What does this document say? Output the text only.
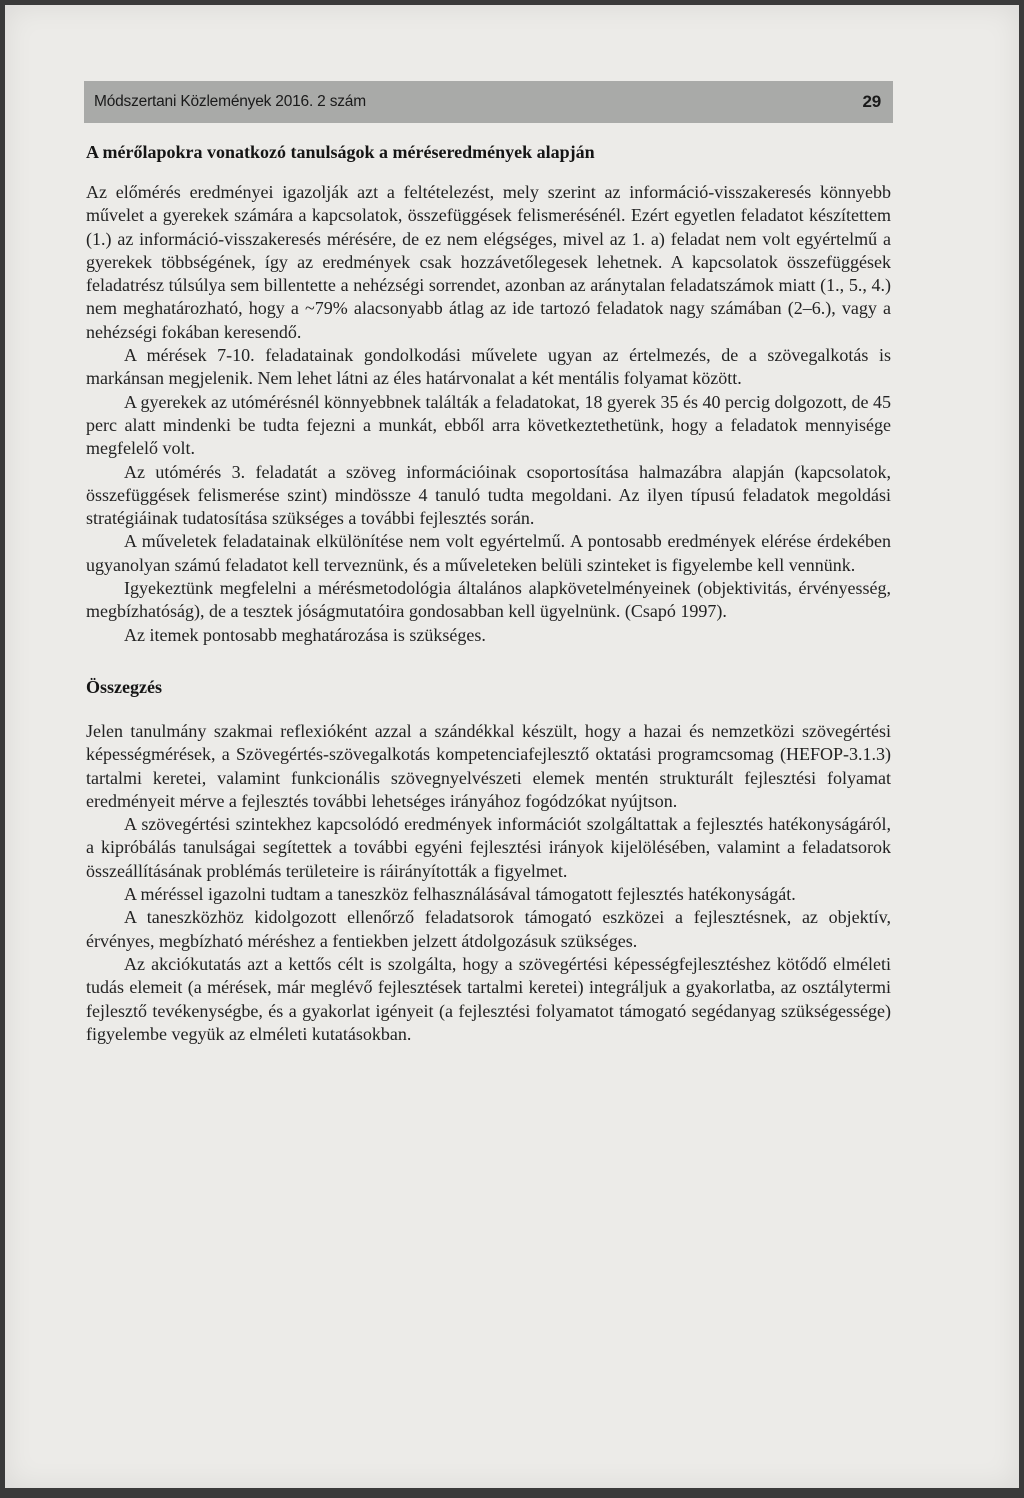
Módszertani Közlemények 2016. 2 szám	29
A mérőlapokra vonatkozó tanulságok a méréseredmények alapján

Az előmérés eredményei igazolják azt a feltételezést, mely szerint az információ-visszakeresés könnyebb művelet a gyerekek számára a kapcsolatok, összefüggések felismerésénél. Ezért egyetlen feladatot készítettem (1.) az információ-visszakeresés mérésére, de ez nem elégséges, mivel az 1. a) feladat nem volt egyértelmű a gyerekek többségének, így az eredmények csak hozzávetőlegesek lehetnek. A kapcsolatok összefüggések feladatrész túlsúlya sem billentette a nehézségi sorrendet, azonban az aránytalan feladatszámok miatt (1., 5., 4.) nem meghatározható, hogy a ~79% alacsonyabb átlag az ide tartozó feladatok nagy számában (2–6.), vagy a nehézségi fokában keresendő.

A mérések 7-10. feladatainak gondolkodási művelete ugyan az értelmezés, de a szövegalkotás is markánsan megjelenik. Nem lehet látni az éles határvonalat a két mentális folyamat között.

A gyerekek az utómérésnél könnyebbnek találták a feladatokat, 18 gyerek 35 és 40 percig dolgozott, de 45 perc alatt mindenki be tudta fejezni a munkát, ebből arra következtethetünk, hogy a feladatok mennyisége megfelelő volt.

Az utómérés 3. feladatát a szöveg információinak csoportosítása halmazábra alapján (kapcsolatok, összefüggések felismerése szint) mindössze 4 tanuló tudta megoldani. Az ilyen típusú feladatok megoldási stratégiáinak tudatosítása szükséges a további fejlesztés során.

A műveletek feladatainak elkülönítése nem volt egyértelmű. A pontosabb eredmények elérése érdekében ugyanolyan számú feladatot kell terveznünk, és a műveleteken belüli szinteket is figyelembe kell vennünk.

Igyekeztünk megfelelni a mérésmetodológia általános alapkövetelményeinek (objektivitás, érvényesség, megbízhatóság), de a tesztek jóságmutatóira gondosabban kell ügyelnünk. (Csapó 1997).

Az itemek pontosabb meghatározása is szükséges.

Összegzés

Jelen tanulmány szakmai reflexióként azzal a szándékkal készült, hogy a hazai és nemzetközi szövegértési képességmérések, a Szövegértés-szövegalkotás kompetenciafejlesztő oktatási programcsomag (HEFOP-3.1.3) tartalmi keretei, valamint funkcionális szövegnyelvészeti elemek mentén strukturált fejlesztési folyamat eredményeit mérve a fejlesztés további lehetséges irányához fogódzókat nyújtson.

A szövegértési szintekhez kapcsolódó eredmények információt szolgáltattak a fejlesztés hatékonyságáról, a kipróbálás tanulságai segítettek a további egyéni fejlesztési irányok kijelölésében, valamint a feladatsorok összeállításának problémás területeire is ráirányították a figyelmet.

A méréssel igazolni tudtam a taneszköz felhasználásával támogatott fejlesztés hatékonyságát.

A taneszközhöz kidolgozott ellenőrző feladatsorok támogató eszközei a fejlesztésnek, az objektív, érvényes, megbízható méréshez a fentiekben jelzett átdolgozásuk szükséges.

Az akciókutatás azt a kettős célt is szolgálta, hogy a szövegértési képességfejlesztéshez kötődő elméleti tudás elemeit (a mérések, már meglévő fejlesztések tartalmi keretei) integráljuk a gyakorlatba, az osztálytermi fejlesztő tevékenységbe, és a gyakorlat igényeit (a fejlesztési folyamatot támogató segédanyag szükségessége) figyelembe vegyük az elméleti kutatásokban.
